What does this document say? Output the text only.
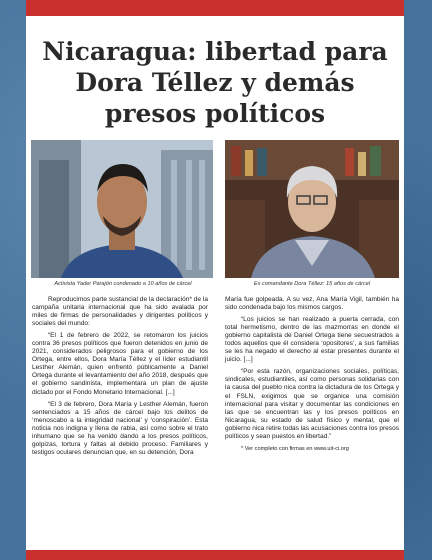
Nicaragua: libertad para Dora Téllez y demás presos políticos
Activista Yader Parajón condenado a 10 años de cárcel	Ex comandante Dora Téllez: 15 años de cárcel

Reproducimos parte sustancial de la declaración* de la campaña unitaria internacional que ha sido avalada por miles de firmas de personalidades y dirigentes políticos y sociales del mundo:

“El 1 de febrero de 2022, se retomaron los juicios contra 36 presos políticos que fueron detenidos en junio de 2021, considerados peligrosos para el gobierno de los Ortega, entre ellos, Dora María Téllez y el líder estudiantil Lesther Alemán, quien enfrentó públicamente a Daniel Ortega durante el levantamiento del año 2018, después que el gobierno sandinista, implementara un plan de ajuste dictado por el Fondo Monetario Internacional. [...]

“El 3 de febrero, Dora María y Lesther Alemán, fueron sentenciados a 15 años de cárcel bajo los delitos de ‘menoscabo a la integridad nacional’ y ‘conspiración’. Esta noticia nos indigna y llena de rabia, así como sobre el trato inhumano que se ha venido dando a los presos políticos, golpizas, tortura y faltas al debido proceso. Familiares y testigos oculares denuncian que, en su detención, Dora

María fue golpeada. A su vez, Ana María Vigil, también ha sido condenada bajo los mismos cargos.

“Los juicios se han realizado a puerta cerrada, con total hermetismo, dentro de las mazmorras en donde el gobierno capitalista de Daniel Ortega tiene secuestrados a todos aquellos que él considera ‘opositores’, a sus familias se les ha negado el derecho al estar presentes durante el juicio. [...]

“Por esta razón, organizaciones sociales, políticas, sindicales, estudiantiles, así como personas solidarias con la causa del pueblo nica contra la dictadura de los Ortega y el FSLN, exigimos que se organice una comisión internacional para visitar y documentar las condiciones en las que se encuentran las y los presos políticos en Nicaragua, su estado de salud físico y mental, que el gobierno nica retire todas las acusaciones contra los presos políticos y sean puestos en libertad.”

* Ver completo con firmas en www.uit-ci.org
